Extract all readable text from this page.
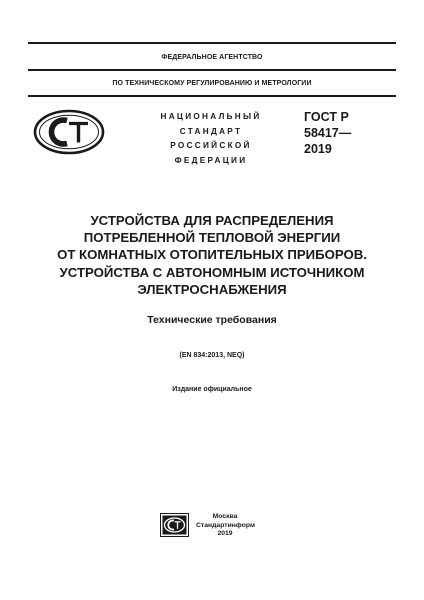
ФЕДЕРАЛЬНОЕ АГЕНТСТВО
ПО ТЕХНИЧЕСКОМУ РЕГУЛИРОВАНИЮ И МЕТРОЛОГИИ
НАЦИОНАЛЬНЫЙ
СТАНДАРТ
РОССИЙСКОЙ
ФЕДЕРАЦИИ
ГОСТ Р
58417—
2019
УСТРОЙСТВА ДЛЯ РАСПРЕДЕЛЕНИЯ
ПОТРЕБЛЕННОЙ ТЕПЛОВОЙ ЭНЕРГИИ
ОТ КОМНАТНЫХ ОТОПИТЕЛЬНЫХ ПРИБОРОВ.
УСТРОЙСТВА С АВТОНОМНЫМ ИСТОЧНИКОМ
ЭЛЕКТРОСНАБЖЕНИЯ
Технические требования
(EN 834:2013, NEQ)
Издание официальное
Москва
Стандартинформ
2019
